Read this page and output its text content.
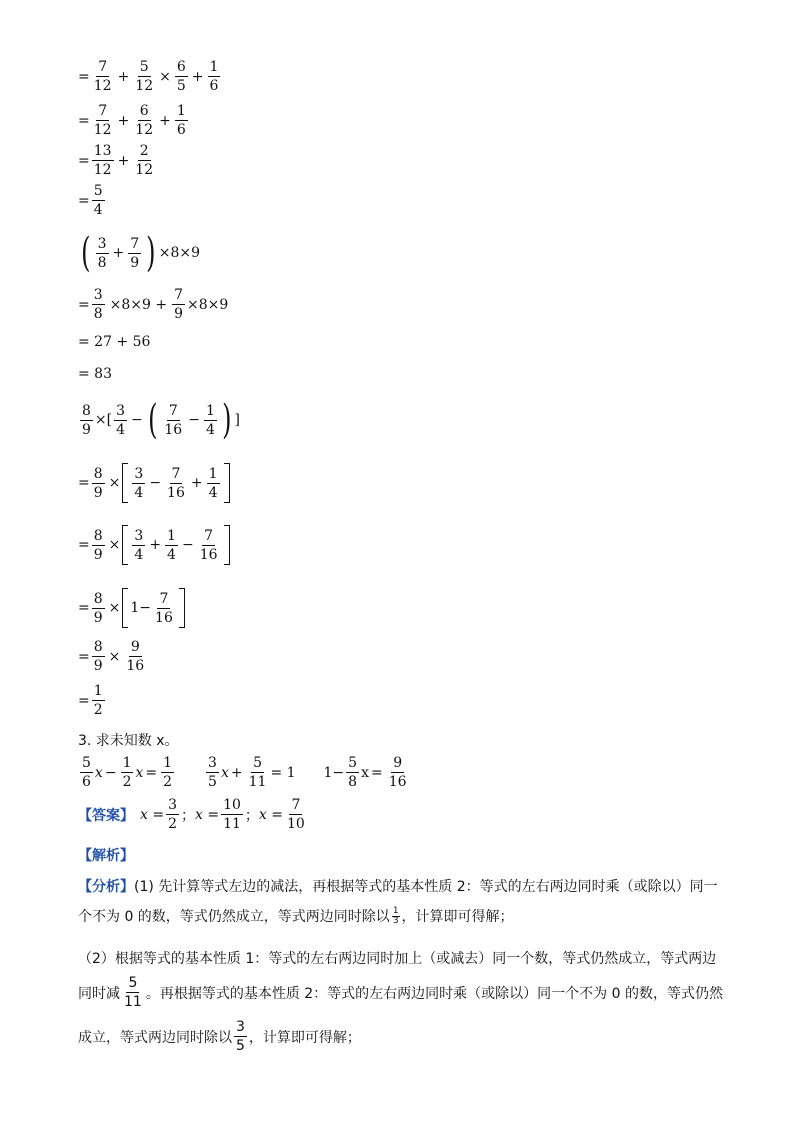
= $\frac{7}{12} + \frac{5}{12} \times \frac{6}{5} + \frac{1}{6}$
= $\frac{7}{12} + \frac{6}{12} + \frac{1}{6}$
= $\frac{13}{12} + \frac{2}{12}$
= $\frac{5}{4}$
( $\frac{3}{8} + \frac{7}{9}$ ) ×8×9
= $\frac{3}{8} \times 8\times 9 + \frac{7}{9} \times 8\times 9$
= 27 + 56
= 83
$\frac{8}{9}$ ×[ $\frac{3}{4}$ − ( $\frac{7}{16} - \frac{1}{4}$ ) ]
= $\frac{8}{9} \times \frac{3}{4} - \frac{7}{16} + \frac{1}{4}$
= $\frac{8}{9} \times \frac{3}{4} + \frac{1}{4} - \frac{7}{16}$
= $\frac{8}{9} \times 1- \frac{7}{16}$
= $\frac{8}{9} \times \frac{9}{16}$
= $\frac{1}{2}$
3. 求未知数 x。
$\frac{5}{6}$ $x - \frac{1}{2}$ $x = \frac{1}{2} \frac{3}{5}$ $x + \frac{5}{11} = 1$ $1- \frac{5}{8}$ $x = \frac{9}{16}$
【答案】 $x = \frac{3}{2}$ ； $x = \frac{10}{11}$ ； $x = \frac{7}{10}$
【解析】
【分析】(1) 先计算等式左边的减法，再根据等式的基本性质 2：等式的左右两边同时乘（或除以）同一
个不为 0 的数，等式仍然成立，等式两边同时除以 $\frac{1}{3}$ ，计算即可得解；
（2）根据等式的基本性质 1：等式的左右两边同时加上（或减去）同一个数，等式仍然成立，等式两边
同时减 $\frac{5}{11}$ 。再根据等式的基本性质 2：等式的左右两边同时乘（或除以）同一个不为 0 的数，等式仍然
成立，等式两边同时除以 $\frac{3}{5}$ ，计算即可得解；
